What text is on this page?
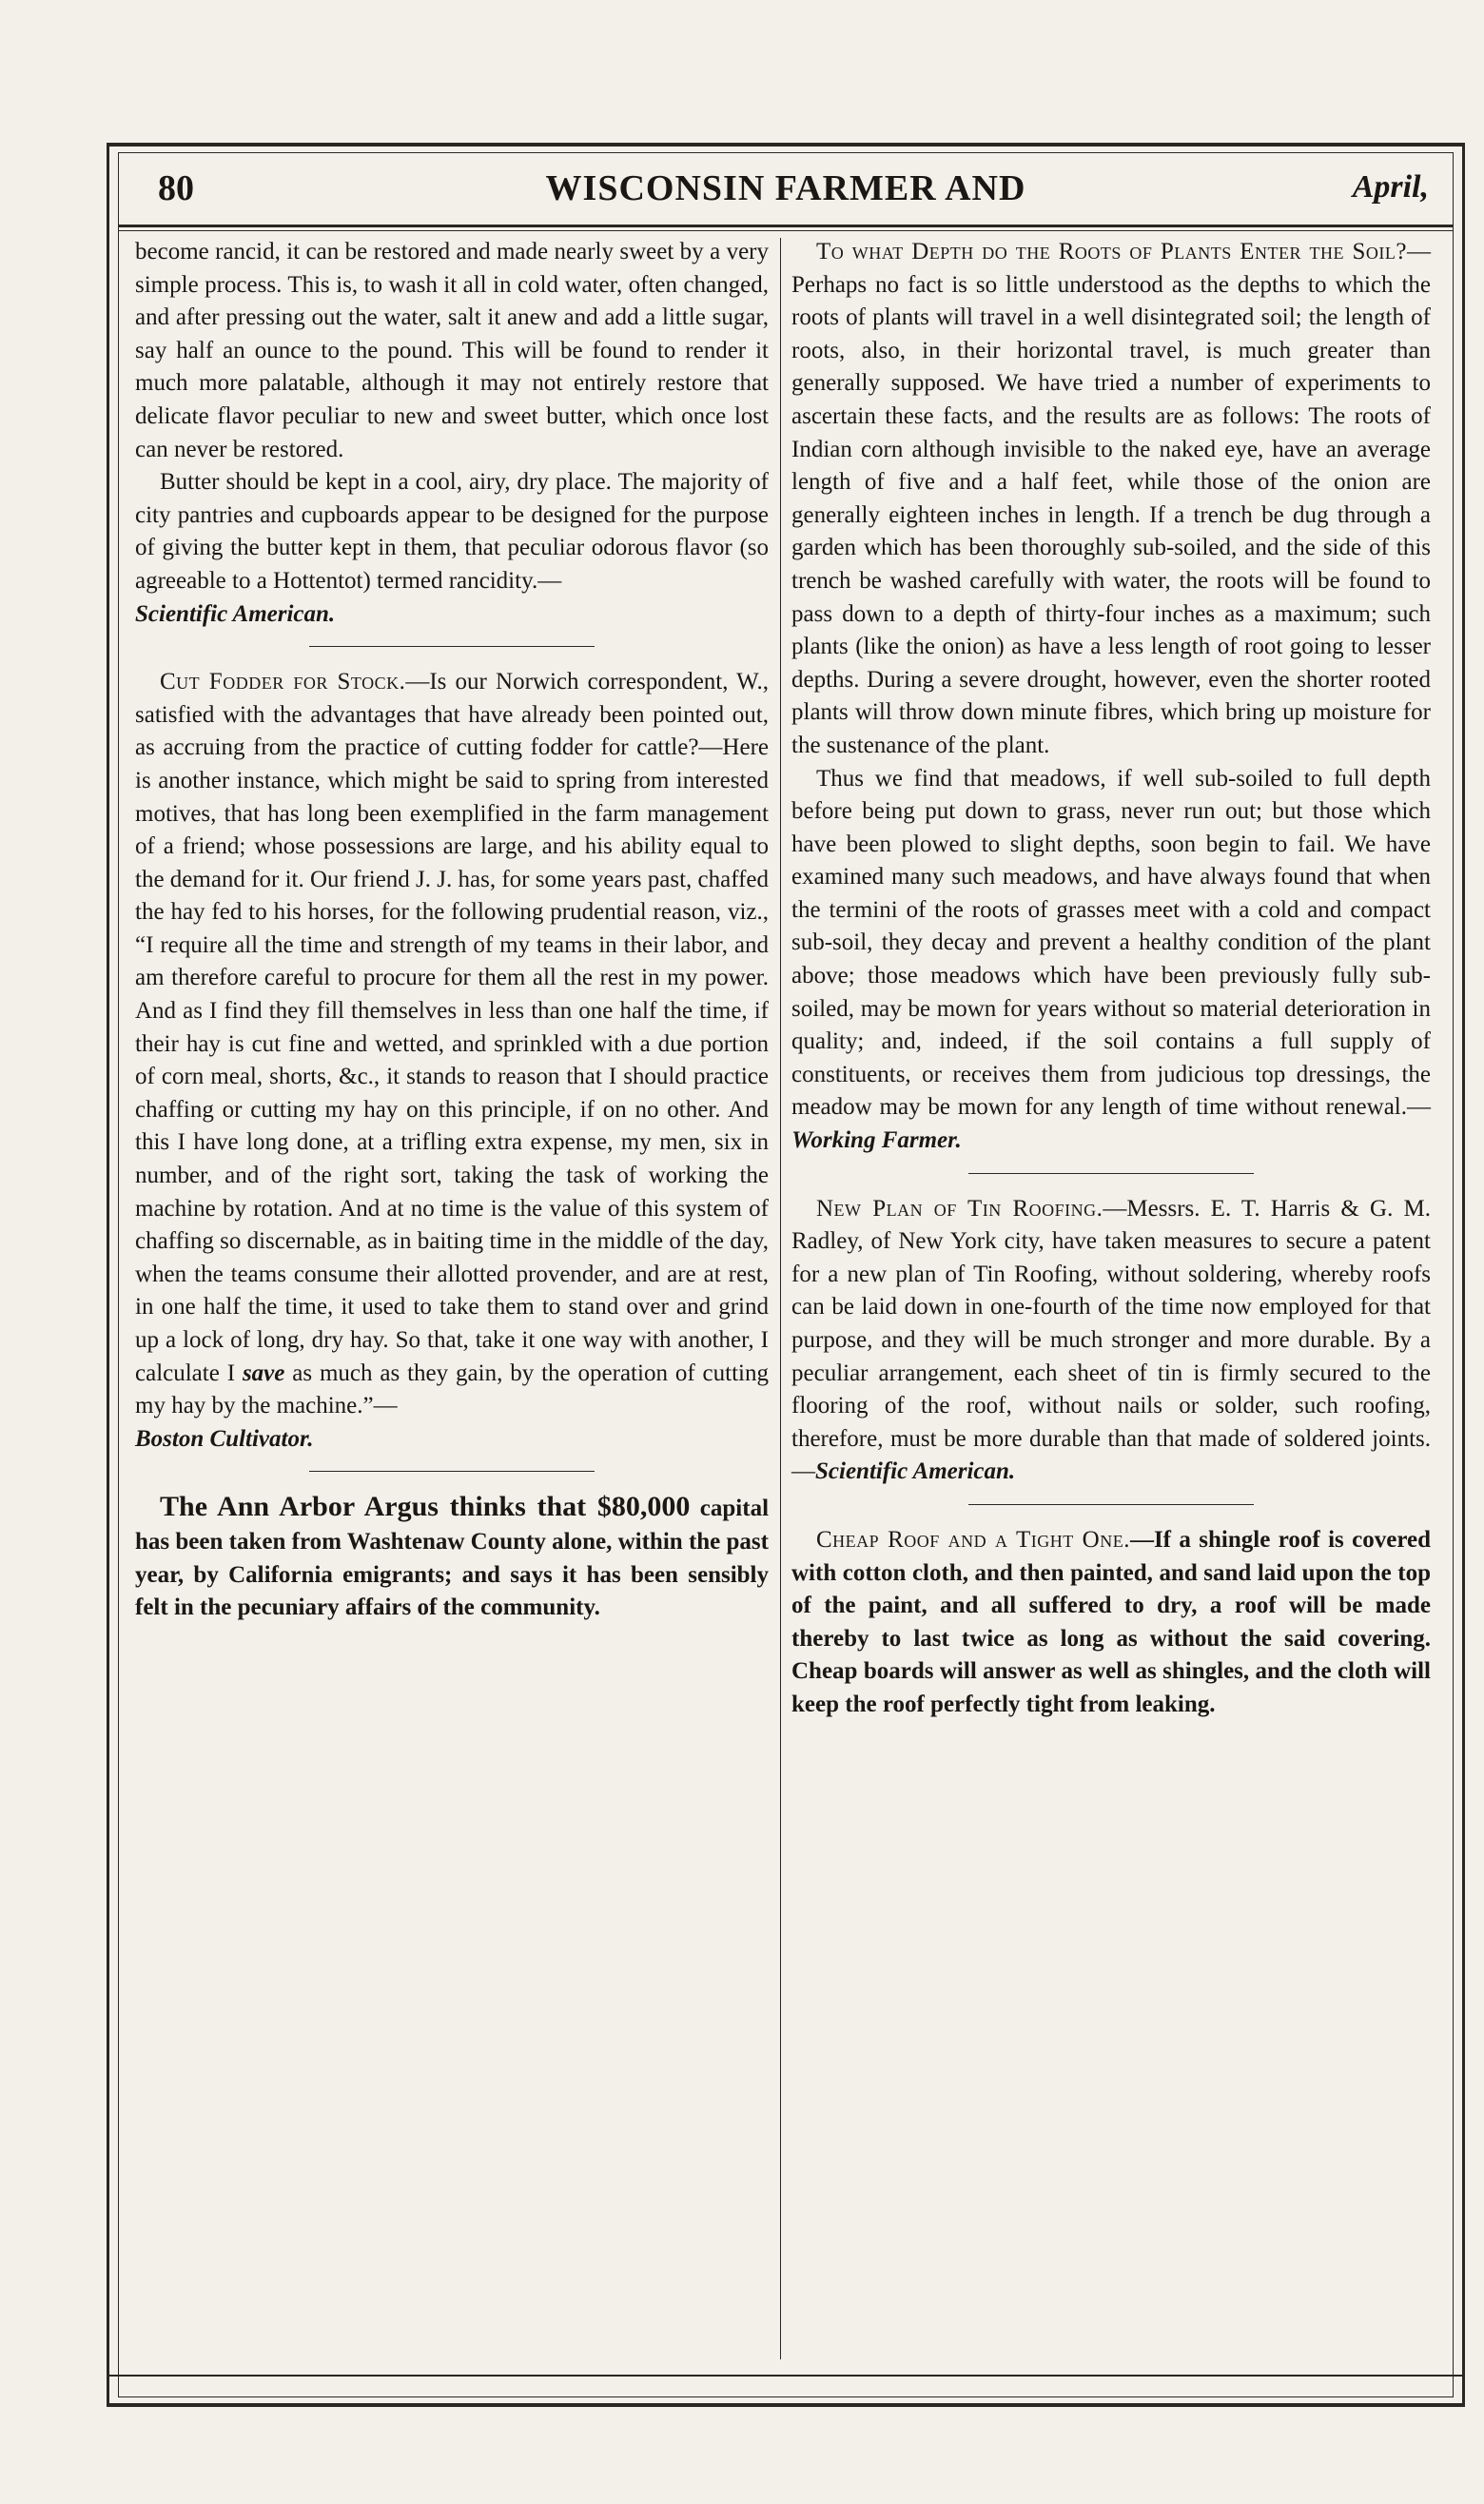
80	WISCONSIN FARMER AND	April,

become rancid, it can be restored and made nearly sweet by a very simple process. This is, to wash it all in cold water, often changed, and after pressing out the water, salt it anew and add a little sugar, say half an ounce to the pound. This will be found to render it much more palatable, although it may not entirely restore that delicate flavor peculiar to new and sweet butter, which once lost can never be restored.

Butter should be kept in a cool, airy, dry place. The majority of city pantries and cupboards appear to be designed for the purpose of giving the butter kept in them, that peculiar odorous flavor (so agreeable to a Hottentot) termed rancidity.—
Scientific American.

Cut Fodder for Stock.—Is our Norwich correspondent, W., satisfied with the advantages that have already been pointed out, as accruing from the practice of cutting fodder for cattle?—Here is another instance, which might be said to spring from interested motives, that has long been exemplified in the farm management of a friend; whose possessions are large, and his ability equal to the demand for it. Our friend J. J. has, for some years past, chaffed the hay fed to his horses, for the following prudential reason, viz., “I require all the time and strength of my teams in their labor, and am therefore careful to procure for them all the rest in my power. And as I find they fill themselves in less than one half the time, if their hay is cut fine and wetted, and sprinkled with a due portion of corn meal, shorts, &c., it stands to reason that I should practice chaffing or cutting my hay on this principle, if on no other. And this I have long done, at a trifling extra expense, my men, six in number, and of the right sort, taking the task of working the machine by rotation. And at no time is the value of this system of chaffing so discernable, as in baiting time in the middle of the day, when the teams consume their allotted provender, and are at rest, in one half the time, it used to take them to stand over and grind up a lock of long, dry hay. So that, take it one way with another, I calculate I save as much as they gain, by the operation of cutting my hay by the machine.”—
Boston Cultivator.

The Ann Arbor Argus thinks that $80,000 capital has been taken from Washtenaw County alone, within the past year, by California emigrants; and says it has been sensibly felt in the pecuniary affairs of the community.

To what Depth do the Roots of Plants Enter the Soil?—Perhaps no fact is so little understood as the depths to which the roots of plants will travel in a well disintegrated soil; the length of roots, also, in their horizontal travel, is much greater than generally supposed. We have tried a number of experiments to ascertain these facts, and the results are as follows: The roots of Indian corn although invisible to the naked eye, have an average length of five and a half feet, while those of the onion are generally eighteen inches in length. If a trench be dug through a garden which has been thoroughly sub-soiled, and the side of this trench be washed carefully with water, the roots will be found to pass down to a depth of thirty-four inches as a maximum; such plants (like the onion) as have a less length of root going to lesser depths. During a severe drought, however, even the shorter rooted plants will throw down minute fibres, which bring up moisture for the sustenance of the plant.

Thus we find that meadows, if well sub-soiled to full depth before being put down to grass, never run out; but those which have been plowed to slight depths, soon begin to fail. We have examined many such meadows, and have always found that when the termini of the roots of grasses meet with a cold and compact sub-soil, they decay and prevent a healthy condition of the plant above; those meadows which have been previously fully sub-soiled, may be mown for years without so material deterioration in quality; and, indeed, if the soil contains a full supply of constituents, or receives them from judicious top dressings, the meadow may be mown for any length of time without renewal.—Working Farmer.

New Plan of Tin Roofing.—Messrs. E. T. Harris & G. M. Radley, of New York city, have taken measures to secure a patent for a new plan of Tin Roofing, without soldering, whereby roofs can be laid down in one-fourth of the time now employed for that purpose, and they will be much stronger and more durable. By a peculiar arrangement, each sheet of tin is firmly secured to the flooring of the roof, without nails or solder, such roofing, therefore, must be more durable than that made of soldered joints.—Scientific American.

Cheap Roof and a Tight One.—If a shingle roof is covered with cotton cloth, and then painted, and sand laid upon the top of the paint, and all suffered to dry, a roof will be made thereby to last twice as long as without the said covering. Cheap boards will answer as well as shingles, and the cloth will keep the roof perfectly tight from leaking.
